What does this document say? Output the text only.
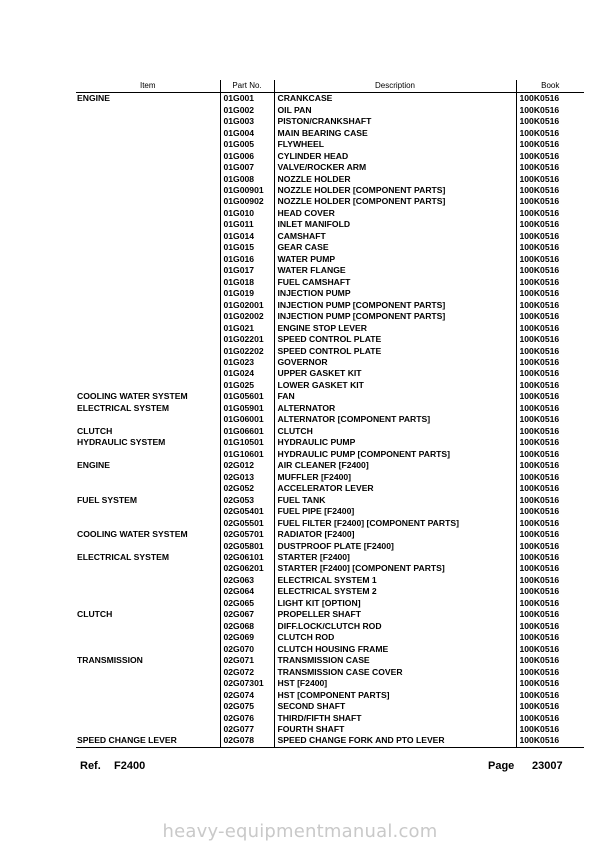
Item	Part No.	Description	Book
ENGINE	01G001	CRANKCASE	100K0516
	01G002	OIL PAN	100K0516
	01G003	PISTON/CRANKSHAFT	100K0516
	01G004	MAIN BEARING CASE	100K0516
	01G005	FLYWHEEL	100K0516
	01G006	CYLINDER HEAD	100K0516
	01G007	VALVE/ROCKER ARM	100K0516
	01G008	NOZZLE HOLDER	100K0516
	01G00901	NOZZLE HOLDER [COMPONENT PARTS]	100K0516
	01G00902	NOZZLE HOLDER [COMPONENT PARTS]	100K0516
	01G010	HEAD COVER	100K0516
	01G011	INLET MANIFOLD	100K0516
	01G014	CAMSHAFT	100K0516
	01G015	GEAR CASE	100K0516
	01G016	WATER PUMP	100K0516
	01G017	WATER FLANGE	100K0516
	01G018	FUEL CAMSHAFT	100K0516
	01G019	INJECTION PUMP	100K0516
	01G02001	INJECTION PUMP [COMPONENT PARTS]	100K0516
	01G02002	INJECTION PUMP [COMPONENT PARTS]	100K0516
	01G021	ENGINE STOP LEVER	100K0516
	01G02201	SPEED CONTROL PLATE	100K0516
	01G02202	SPEED CONTROL PLATE	100K0516
	01G023	GOVERNOR	100K0516
	01G024	UPPER GASKET KIT	100K0516
	01G025	LOWER GASKET KIT	100K0516
COOLING WATER SYSTEM	01G05601	FAN	100K0516
ELECTRICAL SYSTEM	01G05901	ALTERNATOR	100K0516
	01G06001	ALTERNATOR [COMPONENT PARTS]	100K0516
CLUTCH	01G06601	CLUTCH	100K0516
HYDRAULIC SYSTEM	01G10501	HYDRAULIC PUMP	100K0516
	01G10601	HYDRAULIC PUMP [COMPONENT PARTS]	100K0516
ENGINE	02G012	AIR CLEANER [F2400]	100K0516
	02G013	MUFFLER [F2400]	100K0516
	02G052	ACCELERATOR LEVER	100K0516
FUEL SYSTEM	02G053	FUEL TANK	100K0516
	02G05401	FUEL PIPE [F2400]	100K0516
	02G05501	FUEL FILTER [F2400] [COMPONENT PARTS]	100K0516
COOLING WATER SYSTEM	02G05701	RADIATOR [F2400]	100K0516
	02G05801	DUSTPROOF PLATE [F2400]	100K0516
ELECTRICAL SYSTEM	02G06101	STARTER [F2400]	100K0516
	02G06201	STARTER [F2400] [COMPONENT PARTS]	100K0516
	02G063	ELECTRICAL SYSTEM 1	100K0516
	02G064	ELECTRICAL SYSTEM 2	100K0516
	02G065	LIGHT KIT [OPTION]	100K0516
CLUTCH	02G067	PROPELLER SHAFT	100K0516
	02G068	DIFF.LOCK/CLUTCH ROD	100K0516
	02G069	CLUTCH ROD	100K0516
	02G070	CLUTCH HOUSING FRAME	100K0516
TRANSMISSION	02G071	TRANSMISSION CASE	100K0516
	02G072	TRANSMISSION CASE COVER	100K0516
	02G07301	HST [F2400]	100K0516
	02G074	HST [COMPONENT PARTS]	100K0516
	02G075	SECOND SHAFT	100K0516
	02G076	THIRD/FIFTH SHAFT	100K0516
	02G077	FOURTH SHAFT	100K0516
SPEED CHANGE LEVER	02G078	SPEED CHANGE FORK AND PTO LEVER	100K0516
Ref. F2400	Page 23007
heavy-equipmentmanual.com
